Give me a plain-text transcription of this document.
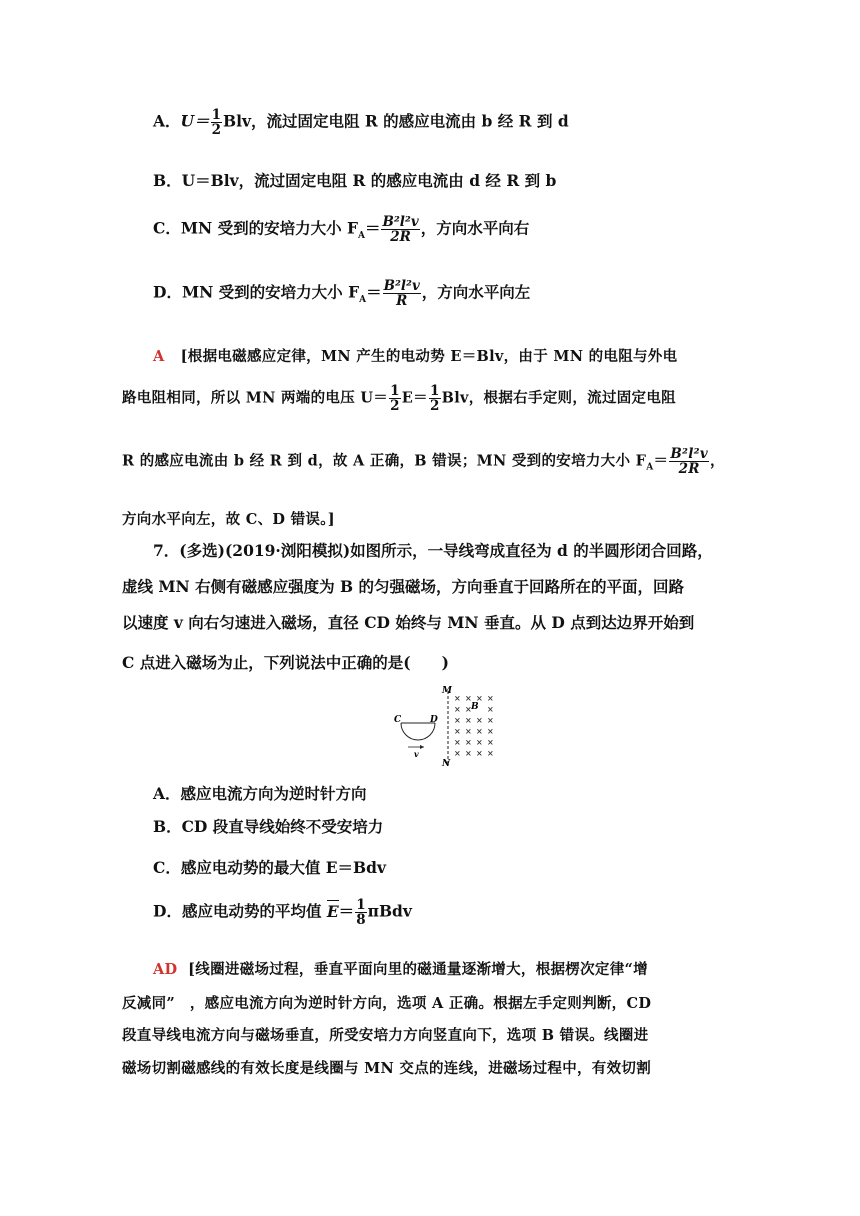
A．$U= \frac{1}{2}$ Blv，流过固定电阻 R 的感应电流由 b 经 R 到 d
B．U＝Blv，流过固定电阻 R 的感应电流由 d 经 R 到 b
C．MN 受到的安培力大小 $F_A= \frac{\text{B²l²v}}{2R}$ ，方向水平向右
D．MN 受到的安培力大小 $F_A= \frac{\text{B²l²v}}{R}$ ，方向水平向左
A [根据电磁感应定律，MN 产生的电动势 E＝Blv，由于 MN 的电阻与外电
路电阻相同，所以 MN 两端的电压 $U= \frac{1}{2} E= \frac{1}{2}$ Blv，根据右手定则，流过固定电阻
R 的感应电流由 b 经 R 到 d，故 A 正确，B 错误；MN 受到的安培力大小 $F_A= \frac{\text{B²l²v}}{2R}$ ，
方向水平向左，故 C、D 错误。]
7．(多选)(2019·浏阳模拟)如图所示，一导线弯成直径为 d 的半圆形闭合回路，
虚线 MN 右侧有磁感应强度为 B 的匀强磁场，方向垂直于回路所在的平面，回路
以速度 v 向右匀速进入磁场，直径 CD 始终与 MN 垂直。从 D 点到达边界开始到
C 点进入磁场为止，下列说法中正确的是(　　)
M
N
B
C	D
v
× × × ×
× × ×
× × × ×
× × × ×
× × × ×
× × × ×
A．感应电流方向为逆时针方向
B．CD 段直导线始终不受安培力
C．感应电动势的最大值 E＝Bdv
D．感应电动势的平均值 $E= \frac{1}{8}$ πBdv
AD [线圈进磁场过程，垂直平面向里的磁通量逐渐增大，根据楞次定律“增
反减同”　，感应电流方向为逆时针方向，选项 A 正确。根据左手定则判断，CD
段直导线电流方向与磁场垂直，所受安培力方向竖直向下，选项 B 错误。线圈进
磁场切割磁感线的有效长度是线圈与 MN 交点的连线，进磁场过程中，有效切割
